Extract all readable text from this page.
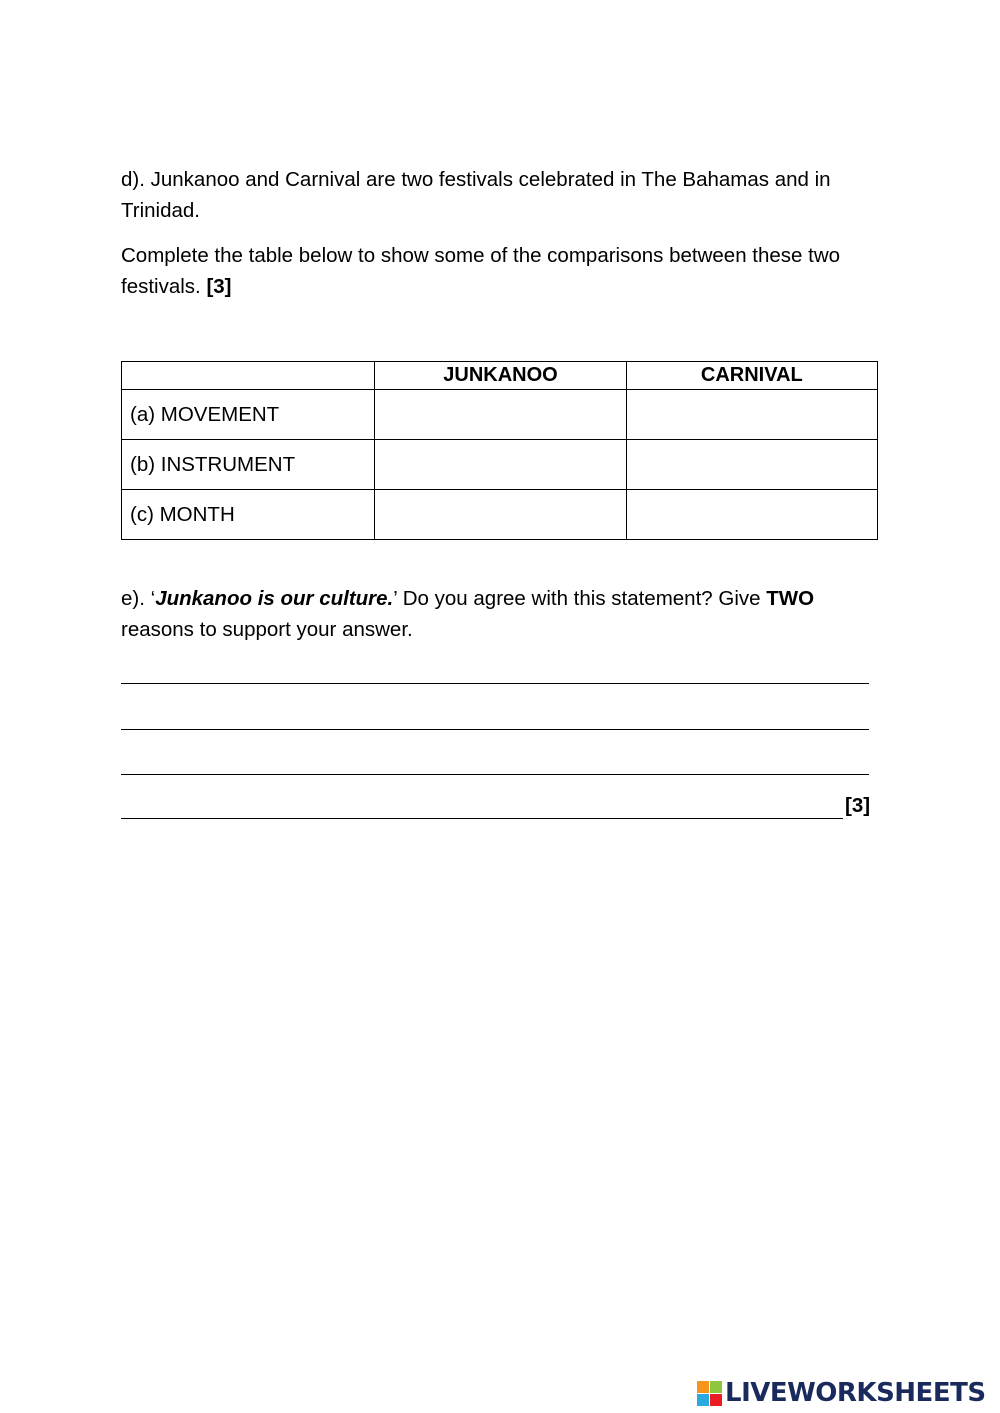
d). Junkanoo and Carnival are two festivals celebrated in The Bahamas and in Trinidad.
Complete the table below to show some of the comparisons between these two festivals. [3]
	JUNKANOO	CARNIVAL
(a) MOVEMENT		
(b) INSTRUMENT		
(c) MONTH		
e). ‘Junkanoo is our culture.’ Do you agree with this statement? Give TWO reasons to support your answer.
[3]
LIVEWORKSHEETS
